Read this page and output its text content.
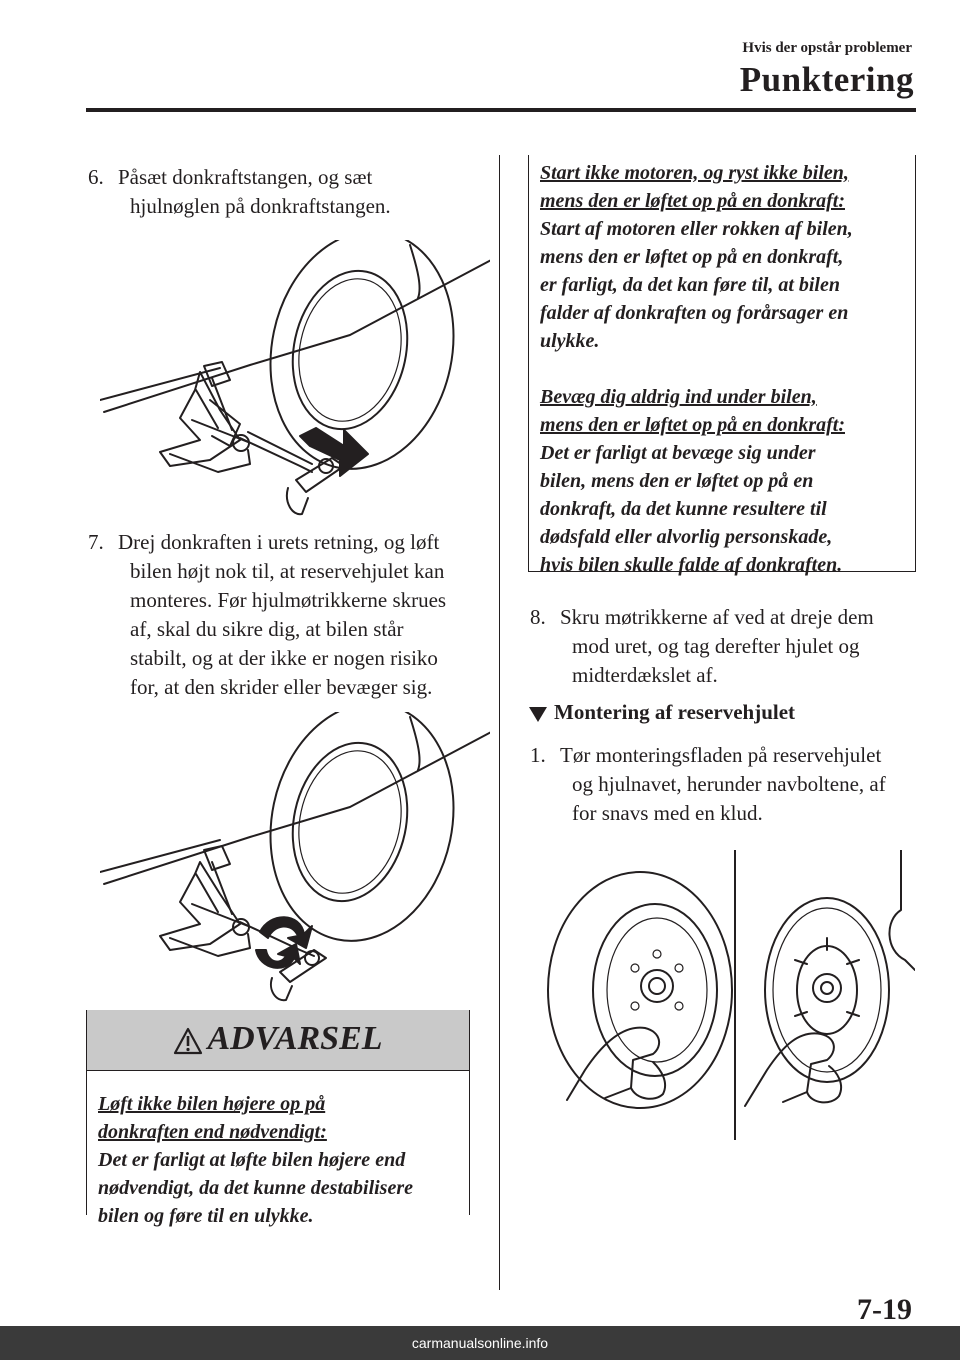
Hvis der opstår problemer
Punktering
6. Påsæt donkraftstangen, og sæt
hjulnøglen på donkraftstangen.
7. Drej donkraften i urets retning, og løft
bilen højt nok til, at reservehjulet kan
monteres. Før hjulmøtrikkerne skrues
af, skal du sikre dig, at bilen står
stabilt, og at der ikke er nogen risiko
for, at den skrider eller bevæger sig.
ADVARSEL
Løft ikke bilen højere op på
donkraften end nødvendigt:
Det er farligt at løfte bilen højere end
nødvendigt, da det kunne destabilisere
bilen og føre til en ulykke.

Start ikke motoren, og ryst ikke bilen,

mens den er løftet op på en donkraft:

Start af motoren eller rokken af bilen,

mens den er løftet op på en donkraft,

er farligt, da det kan føre til, at bilen

falder af donkraften og forårsager en

ulykke.

Bevæg dig aldrig ind under bilen,

mens den er løftet op på en donkraft:

Det er farligt at bevæge sig under

bilen, mens den er løftet op på en

donkraft, da det kunne resultere til

dødsfald eller alvorlig personskade,

hvis bilen skulle falde af donkraften.

8. Skru møtrikkerne af ved at dreje dem
mod uret, og tag derefter hjulet og
midterdækslet af.
Montering af reservehjulet
1. Tør monteringsfladen på reservehjulet
og hjulnavet, herunder navboltene, af
for snavs med en klud.
7-19
carmanualsonline.info
